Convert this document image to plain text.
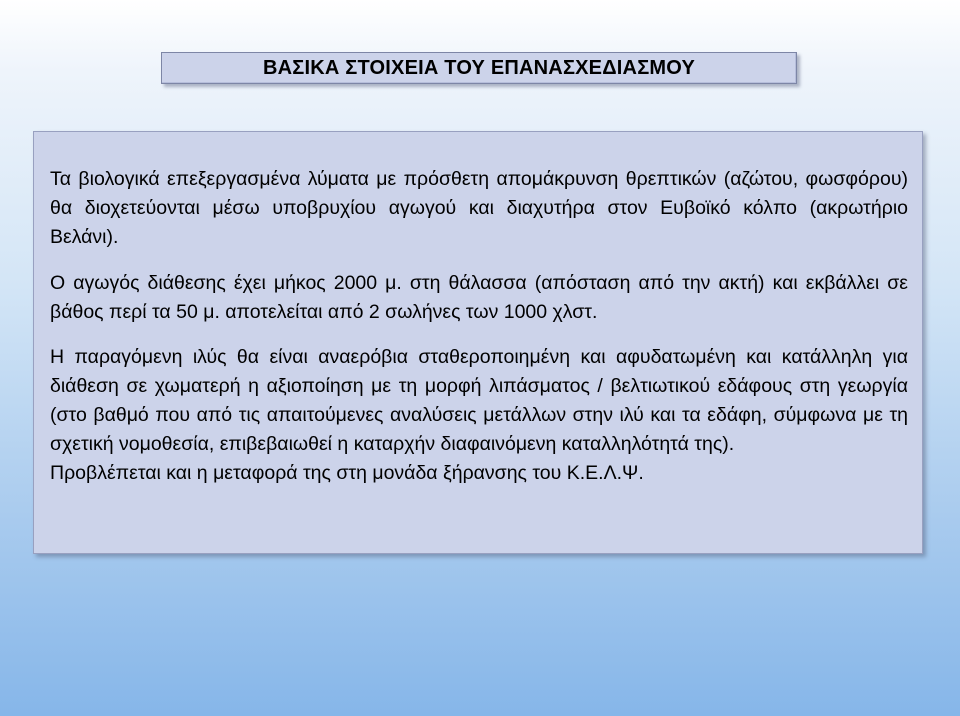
ΒΑΣΙΚΑ ΣΤΟΙΧΕΙΑ ΤΟΥ ΕΠΑΝΑΣΧΕΔΙΑΣΜΟΥ

Τα βιολογικά επεξεργασμένα λύματα με πρόσθετη απομάκρυνση θρεπτικών (αζώτου, φωσφόρου) θα διοχετεύονται μέσω υποβρυχίου αγωγού και διαχυτήρα στον Ευβοϊκό κόλπο (ακρωτήριο Βελάνι).

Ο αγωγός διάθεσης έχει μήκος 2000 μ. στη θάλασσα (απόσταση από την ακτή) και εκβάλλει σε βάθος περί τα 50 μ. αποτελείται από 2 σωλήνες των 1000 χλστ.

Η παραγόμενη ιλύς θα είναι αναερόβια σταθεροποιημένη και αφυδατωμένη και κατάλληλη για διάθεση σε χωματερή η αξιοποίηση με τη μορφή λιπάσματος / βελτιωτικού εδάφους στη γεωργία (στο βαθμό που από τις απαιτούμενες αναλύσεις μετάλλων στην ιλύ και τα εδάφη, σύμφωνα με τη σχετική νομοθεσία, επιβεβαιωθεί η καταρχήν διαφαινόμενη καταλληλότητά της).

Προβλέπεται και η μεταφορά της στη μονάδα ξήρανσης του Κ.Ε.Λ.Ψ.
